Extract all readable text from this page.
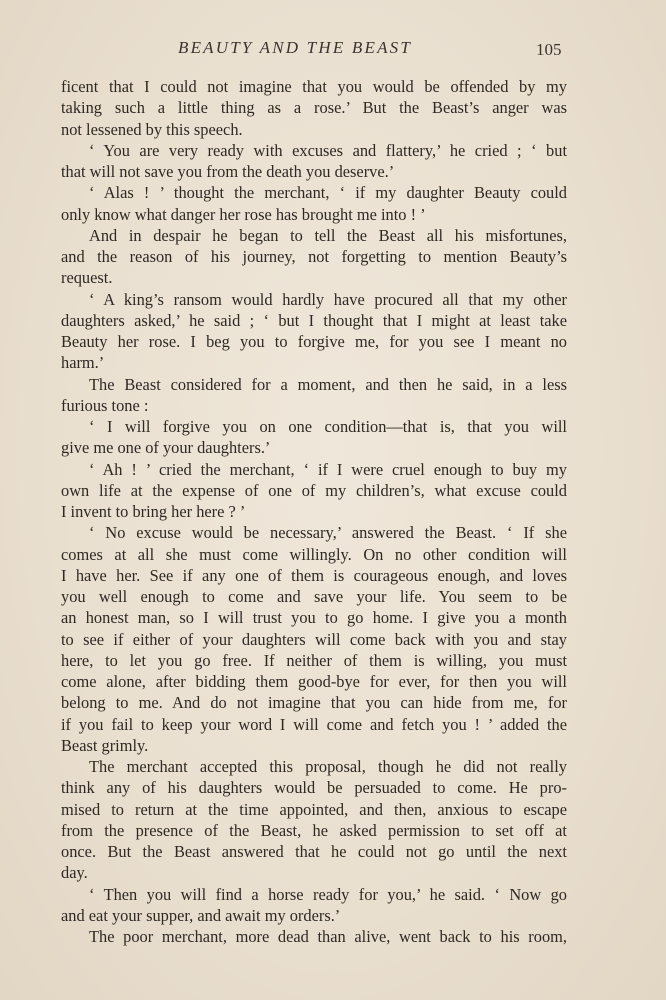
BEAUTY AND THE BEAST	105
ficent that I could not imagine that you would be offended by my
taking such a little thing as a rose.’ But the Beast’s anger was
not lessened by this speech.
‘ You are very ready with excuses and flattery,’ he cried ; ‘ but
that will not save you from the death you deserve.’
‘ Alas ! ’ thought the merchant, ‘ if my daughter Beauty could
only know what danger her rose has brought me into ! ’
And in despair he began to tell the Beast all his misfortunes,
and the reason of his journey, not forgetting to mention Beauty’s
request.
‘ A king’s ransom would hardly have procured all that my other
daughters asked,’ he said ; ‘ but I thought that I might at least take
Beauty her rose. I beg you to forgive me, for you see I meant no
harm.’
The Beast considered for a moment, and then he said, in a less
furious tone :
‘ I will forgive you on one condition—that is, that you will
give me one of your daughters.’
‘ Ah ! ’ cried the merchant, ‘ if I were cruel enough to buy my
own life at the expense of one of my children’s, what excuse could
I invent to bring her here ? ’
‘ No excuse would be necessary,’ answered the Beast. ‘ If she
comes at all she must come willingly. On no other condition will
I have her. See if any one of them is courageous enough, and loves
you well enough to come and save your life. You seem to be
an honest man, so I will trust you to go home. I give you a month
to see if either of your daughters will come back with you and stay
here, to let you go free. If neither of them is willing, you must
come alone, after bidding them good-bye for ever, for then you will
belong to me. And do not imagine that you can hide from me, for
if you fail to keep your word I will come and fetch you ! ’ added the
Beast grimly.
The merchant accepted this proposal, though he did not really
think any of his daughters would be persuaded to come. He pro-
mised to return at the time appointed, and then, anxious to escape
from the presence of the Beast, he asked permission to set off at
once. But the Beast answered that he could not go until the next
day.
‘ Then you will find a horse ready for you,’ he said. ‘ Now go
and eat your supper, and await my orders.’
The poor merchant, more dead than alive, went back to his room,
